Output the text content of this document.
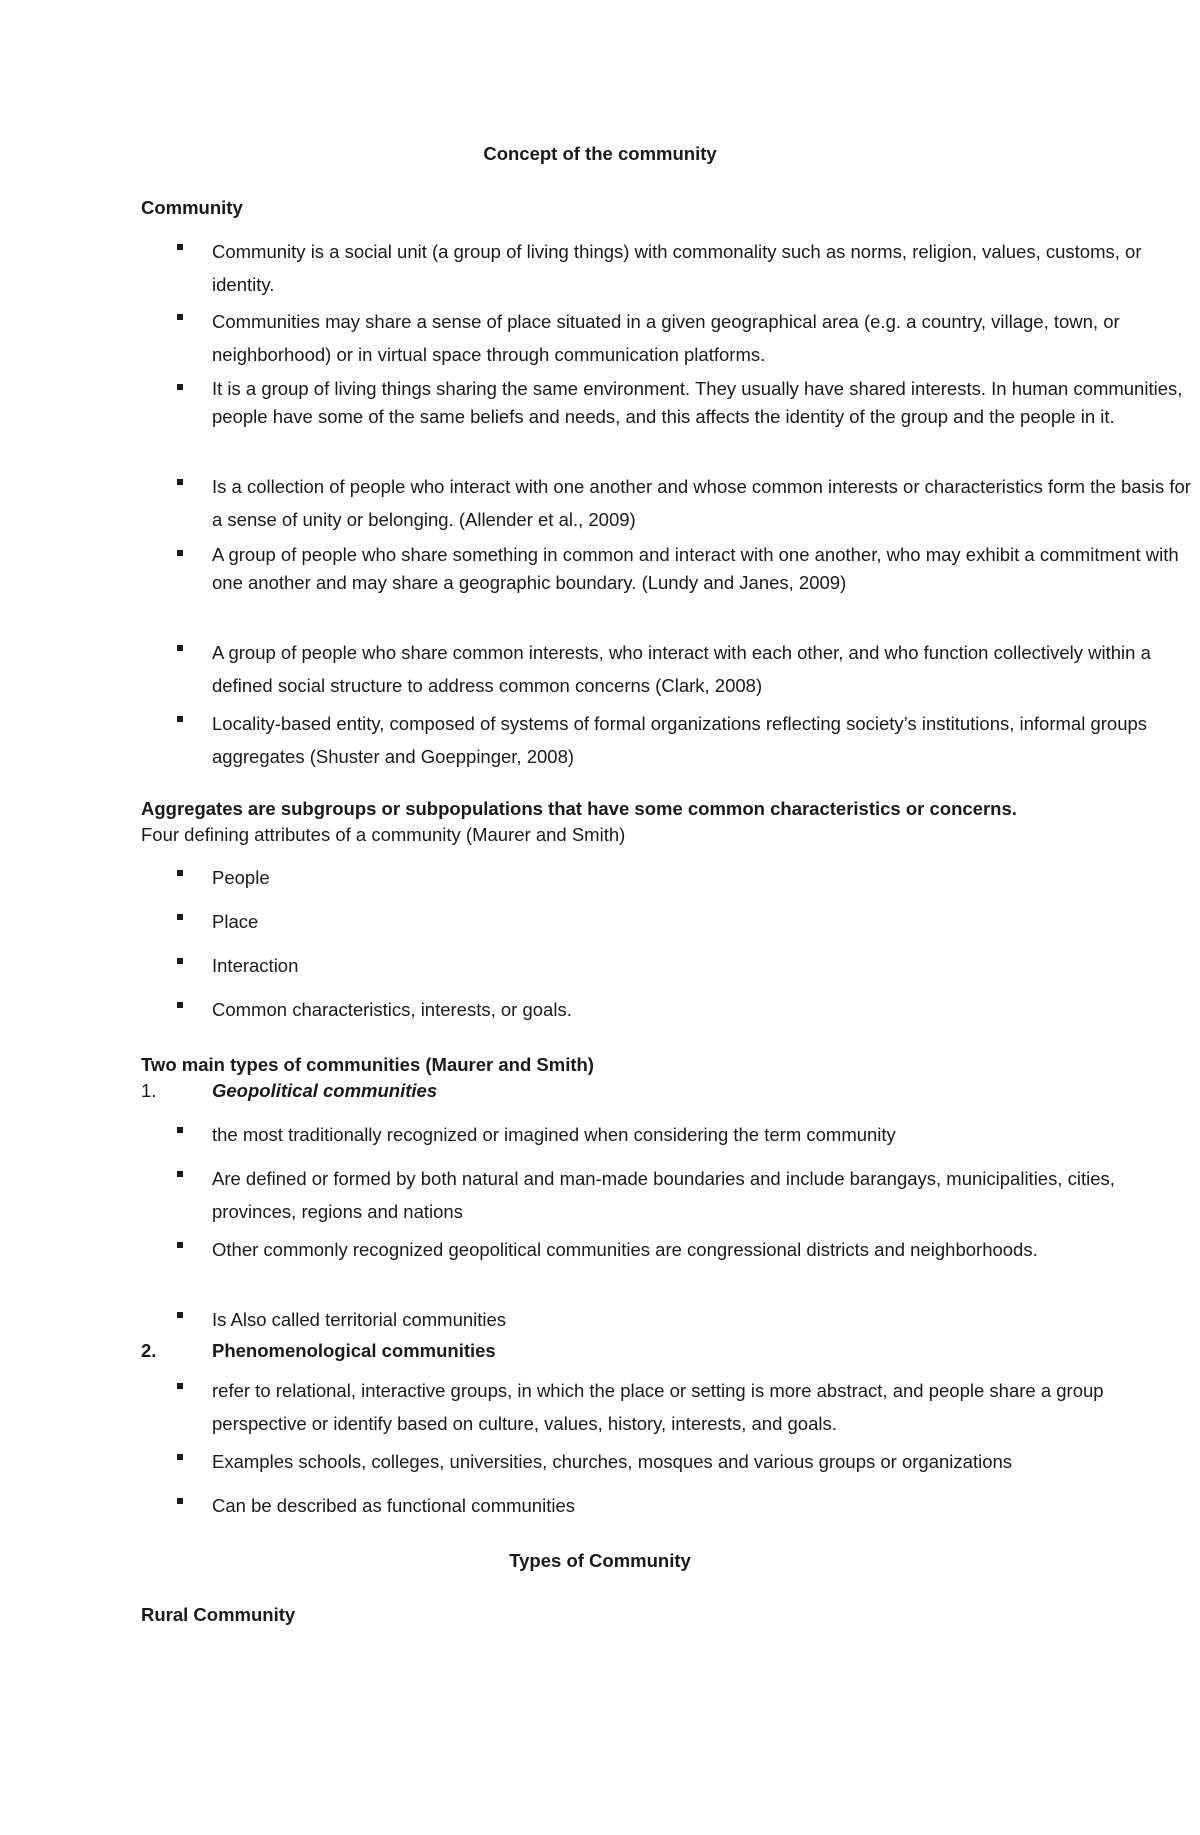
Concept of the community
Community
Community is a social unit (a group of living things) with commonality such as norms, religion, values, customs, or identity.
Communities may share a sense of place situated in a given geographical area (e.g. a country, village, town, or neighborhood) or in virtual space through communication platforms.
It is a group of living things sharing the same environment. They usually have shared interests. In human communities, people have some of the same beliefs and needs, and this affects the identity of the group and the people in it.
Is a collection of people who interact with one another and whose common interests or characteristics form the basis for a sense of unity or belonging. (Allender et al., 2009)
A group of people who share something in common and interact with one another, who may exhibit a commitment with one another and may share a geographic boundary. (Lundy and Janes, 2009)
A group of people who share common interests, who interact with each other, and who function collectively within a defined social structure to address common concerns (Clark, 2008)
Locality-based entity, composed of systems of formal organizations reflecting society’s institutions, informal groups aggregates (Shuster and Goeppinger, 2008)
Aggregates are subgroups or subpopulations that have some common characteristics or concerns.
Four defining attributes of a community (Maurer and Smith)
People
Place
Interaction
Common characteristics, interests, or goals.
Two main types of communities (Maurer and Smith)
1.	Geopolitical communities
the most traditionally recognized or imagined when considering the term community
Are defined or formed by both natural and man-made boundaries and include barangays, municipalities, cities, provinces, regions and nations
Other commonly recognized geopolitical communities are congressional districts and neighborhoods.
Is Also called territorial communities
2.	Phenomenological communities
refer to relational, interactive groups, in which the place or setting is more abstract, and people share a group perspective or identify based on culture, values, history, interests, and goals.
Examples schools, colleges, universities, churches, mosques and various groups or organizations
Can be described as functional communities
Types of Community
Rural Community
